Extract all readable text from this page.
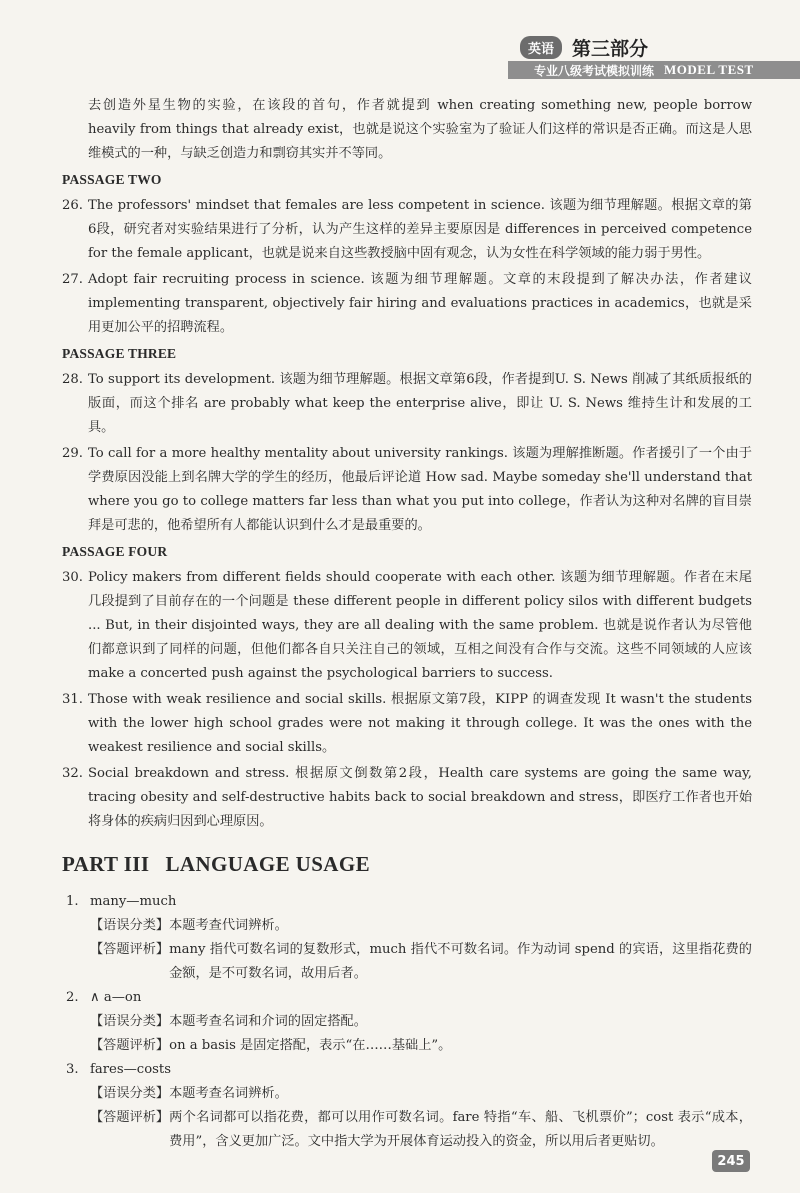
英语 第三部分
专业八级考试模拟训练 MODEL TEST
去创造外星生物的实验，在该段的首句，作者就提到 when creating something new, people borrow heavily from things that already exist，也就是说这个实验室为了验证人们这样的常识是否正确。而这是人思维模式的一种，与缺乏创造力和剽窃其实并不等同。
PASSAGE TWO
26. The professors' mindset that females are less competent in science. 该题为细节理解题。根据文章的第6段，研究者对实验结果进行了分析，认为产生这样的差异主要原因是 differences in perceived competence for the female applicant，也就是说来自这些教授脑中固有观念，认为女性在科学领域的能力弱于男性。
27. Adopt fair recruiting process in science. 该题为细节理解题。文章的末段提到了解决办法，作者建议 implementing transparent, objectively fair hiring and evaluations practices in academics，也就是采用更加公平的招聘流程。
PASSAGE THREE
28. To support its development. 该题为细节理解题。根据文章第6段，作者提到U. S. News 削减了其纸质报纸的版面，而这个排名 are probably what keep the enterprise alive，即让 U. S. News 维持生计和发展的工具。
29. To call for a more healthy mentality about university rankings. 该题为理解推断题。作者援引了一个由于学费原因没能上到名牌大学的学生的经历，他最后评论道 How sad. Maybe someday she'll understand that where you go to college matters far less than what you put into college，作者认为这种对名牌的盲目崇拜是可悲的，他希望所有人都能认识到什么才是最重要的。
PASSAGE FOUR
30. Policy makers from different fields should cooperate with each other. 该题为细节理解题。作者在末尾几段提到了目前存在的一个问题是 these different people in different policy silos with different budgets ... But, in their disjointed ways, they are all dealing with the same problem. 也就是说作者认为尽管他们都意识到了同样的问题，但他们都各自只关注自己的领域，互相之间没有合作与交流。这些不同领域的人应该 make a concerted push against the psychological barriers to success.
31. Those with weak resilience and social skills. 根据原文第7段，KIPP 的调查发现 It wasn't the students with the lower high school grades were not making it through college. It was the ones with the weakest resilience and social skills。
32. Social breakdown and stress. 根据原文倒数第2段，Health care systems are going the same way, tracing obesity and self-destructive habits back to social breakdown and stress，即医疗工作者也开始将身体的疾病归因到心理原因。
PART III LANGUAGE USAGE
1. many—much
【语误分类】 本题考查代词辨析。
【答题评析】 many 指代可数名词的复数形式，much 指代不可数名词。作为动词 spend 的宾语，这里指花费的金额，是不可数名词，故用后者。
2. ∧ a—on
【语误分类】 本题考查名词和介词的固定搭配。
【答题评析】 on a basis 是固定搭配，表示“在……基础上”。
3. fares—costs
【语误分类】 本题考查名词辨析。
【答题评析】 两个名词都可以指花费，都可以用作可数名词。fare 特指“车、船、飞机票价”；cost 表示“成本，费用”，含义更加广泛。文中指大学为开展体育运动投入的资金，所以用后者更贴切。
245
